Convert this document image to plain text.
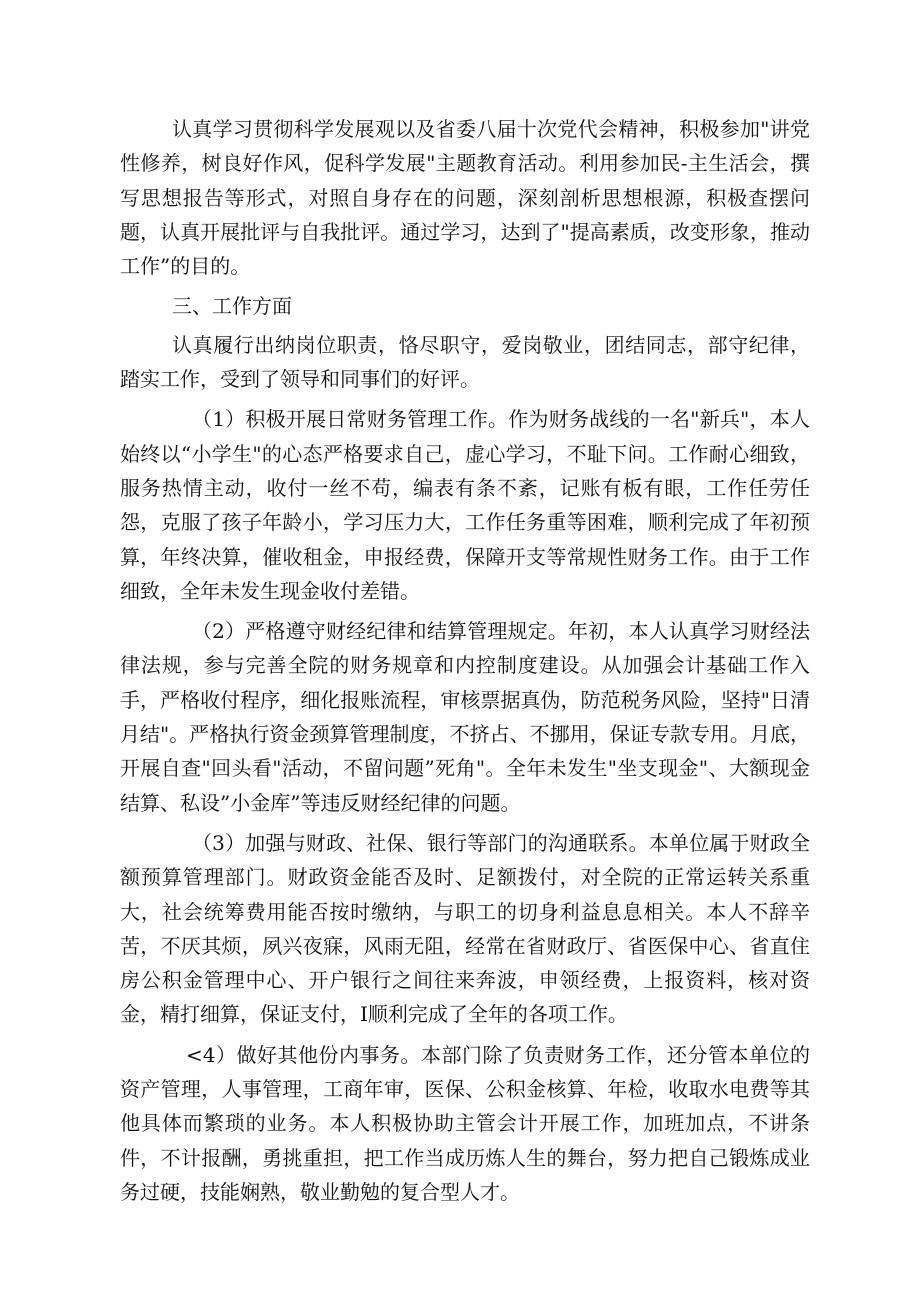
认真学习贯彻科学发展观以及省委八届十次党代会精神，积极参加"讲党性修养，树良好作风，促科学发展"主题教育活动。利用参加民-主生活会，撰写思想报告等形式，对照自身存在的问题，深刻剖析思想根源，积极查摆问题，认真开展批评与自我批评。通过学习，达到了"提高素质，改变形象，推动工作”的目的。

三、工作方面

认真履行出纳岗位职责，恪尽职守，爱岗敬业，团结同志，部守纪律，踏实工作，受到了领导和同事们的好评。

（1）积极开展日常财务管理工作。作为财务战线的一名"新兵"，本人始终以“小学生"的心态严格要求自己，虚心学习，不耻下问。工作耐心细致，服务热情主动，收付一丝不苟，编表有条不紊，记账有板有眼，工作任劳任怨，克服了孩子年龄小，学习压力大，工作任务重等困难，顺利完成了年初预算，年终决算，催收租金，申报经费，保障开支等常规性财务工作。由于工作细致，全年未发生现金收付差错。

（2）严格遵守财经纪律和结算管理规定。年初，本人认真学习财经法律法规，参与完善全院的财务规章和内控制度建设。从加强会计基础工作入手，严格收付程序，细化报账流程，审核票据真伪，防范税务风险，坚持"日清月结"。严格执行资金颈算管理制度，不挤占、不挪用，保证专款专用。月底，开展自查"回头看"活动，不留问题”死角"。全年未发生"坐支现金"、大额现金结算、私设”小金库”等违反财经纪律的问题。

（3）加强与财政、社保、银行等部门的沟通联系。本单位属于财政全额预算管理部门。财政资金能否及时、足额拨付，对全院的正常运转关系重大，社会统筹费用能否按时缴纳，与职工的切身利益息息相关。本人不辞辛苦，不厌其烦，夙兴夜寐，风雨无阻，经常在省财政厅、省医保中心、省直住房公积金管理中心、开户银行之间往来奔波，申领经费，上报资料，核对资金，精打细算，保证支付，I顺利完成了全年的各项工作。

<4）做好其他份内事务。本部门除了负责财务工作，还分管本单位的资产管理，人事管理，工商年审，医保、公积金核算、年检，收取水电费等其他具体而繁琐的业务。本人积极协助主管会计开展工作，加班加点，不讲条件，不计报酬，勇挑重担，把工作当成历炼人生的舞台，努力把自己锻炼成业务过硬，技能娴熟，敬业勤勉的复合型人才。
